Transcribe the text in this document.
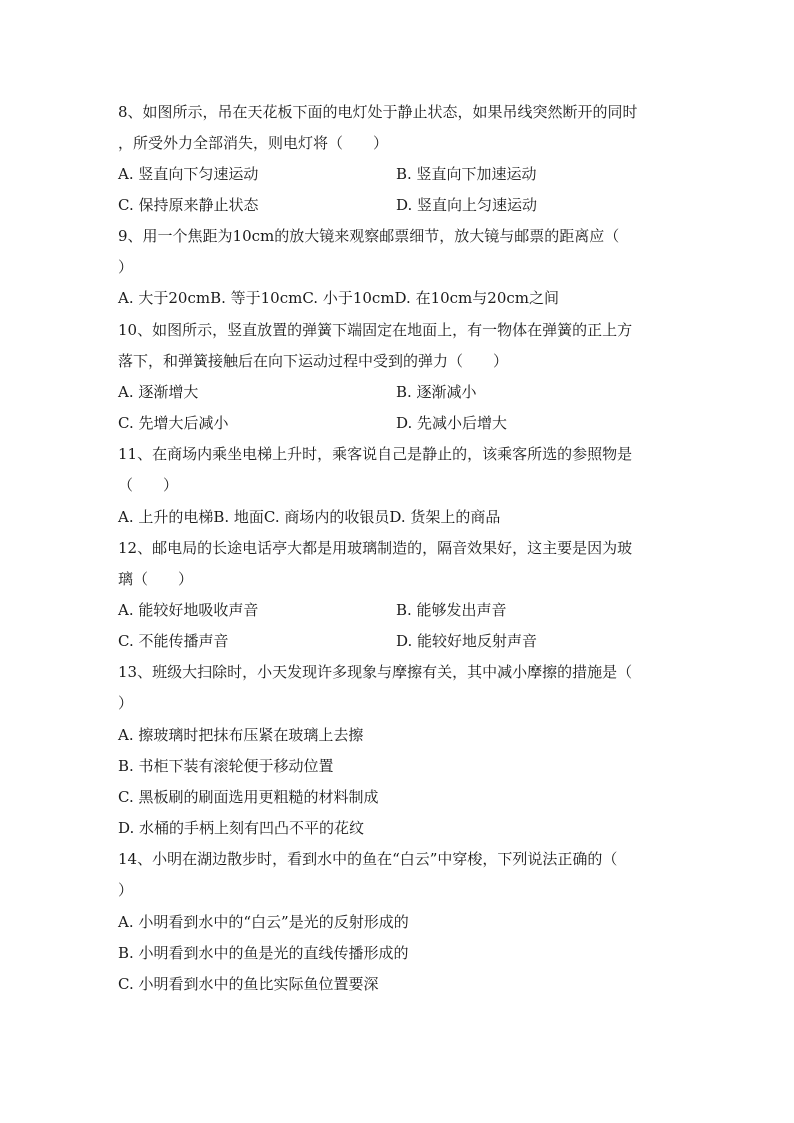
8、如图所示，吊在天花板下面的电灯处于静止状态，如果吊线突然断开的同时
，所受外力全部消失，则电灯将（　　）
A. 竖直向下匀速运动	B. 竖直向下加速运动
C. 保持原来静止状态	D. 竖直向上匀速运动
9、用一个焦距为10cm的放大镜来观察邮票细节，放大镜与邮票的距离应（
）
A. 大于20cmB. 等于10cmC. 小于10cmD. 在10cm与20cm之间
10、如图所示，竖直放置的弹簧下端固定在地面上，有一物体在弹簧的正上方
落下，和弹簧接触后在向下运动过程中受到的弹力（　　）
A. 逐渐增大	B. 逐渐减小
C. 先增大后减小	D. 先减小后增大
11、在商场内乘坐电梯上升时，乘客说自己是静止的，该乘客所选的参照物是
（　　）
A. 上升的电梯B. 地面C. 商场内的收银员D. 货架上的商品
12、邮电局的长途电话亭大都是用玻璃制造的，隔音效果好，这主要是因为玻
璃（　　）
A. 能较好地吸收声音	B. 能够发出声音
C. 不能传播声音	D. 能较好地反射声音
13、班级大扫除时，小天发现许多现象与摩擦有关，其中减小摩擦的措施是（
）
A. 擦玻璃时把抹布压紧在玻璃上去擦
B. 书柜下装有滚轮便于移动位置
C. 黑板刷的刷面选用更粗糙的材料制成
D. 水桶的手柄上刻有凹凸不平的花纹
14、小明在湖边散步时，看到水中的鱼在“白云”中穿梭，下列说法正确的（
）
A. 小明看到水中的“白云”是光的反射形成的
B. 小明看到水中的鱼是光的直线传播形成的
C. 小明看到水中的鱼比实际鱼位置要深
